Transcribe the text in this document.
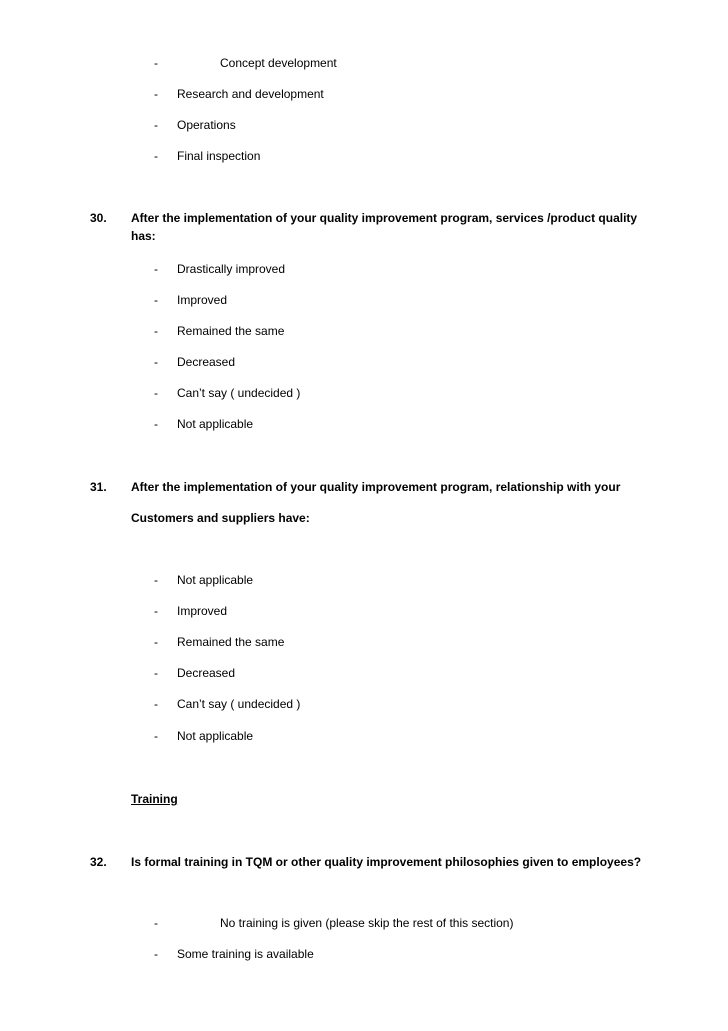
-	Concept development
- Research and development
- Operations
- Final inspection
30. After the implementation of your quality improvement program, services /product quality
has:
- Drastically improved
- Improved
- Remained the same
- Decreased
- Can’t say ( undecided )
- Not applicable
31. After the implementation of your quality improvement program, relationship with your
Customers and suppliers have:
- Not applicable
- Improved
- Remained the same
- Decreased
- Can’t say ( undecided )
- Not applicable
Training
32. Is formal training in TQM or other quality improvement philosophies given to employees?
-	No training is given (please skip the rest of this section)
- Some training is available
